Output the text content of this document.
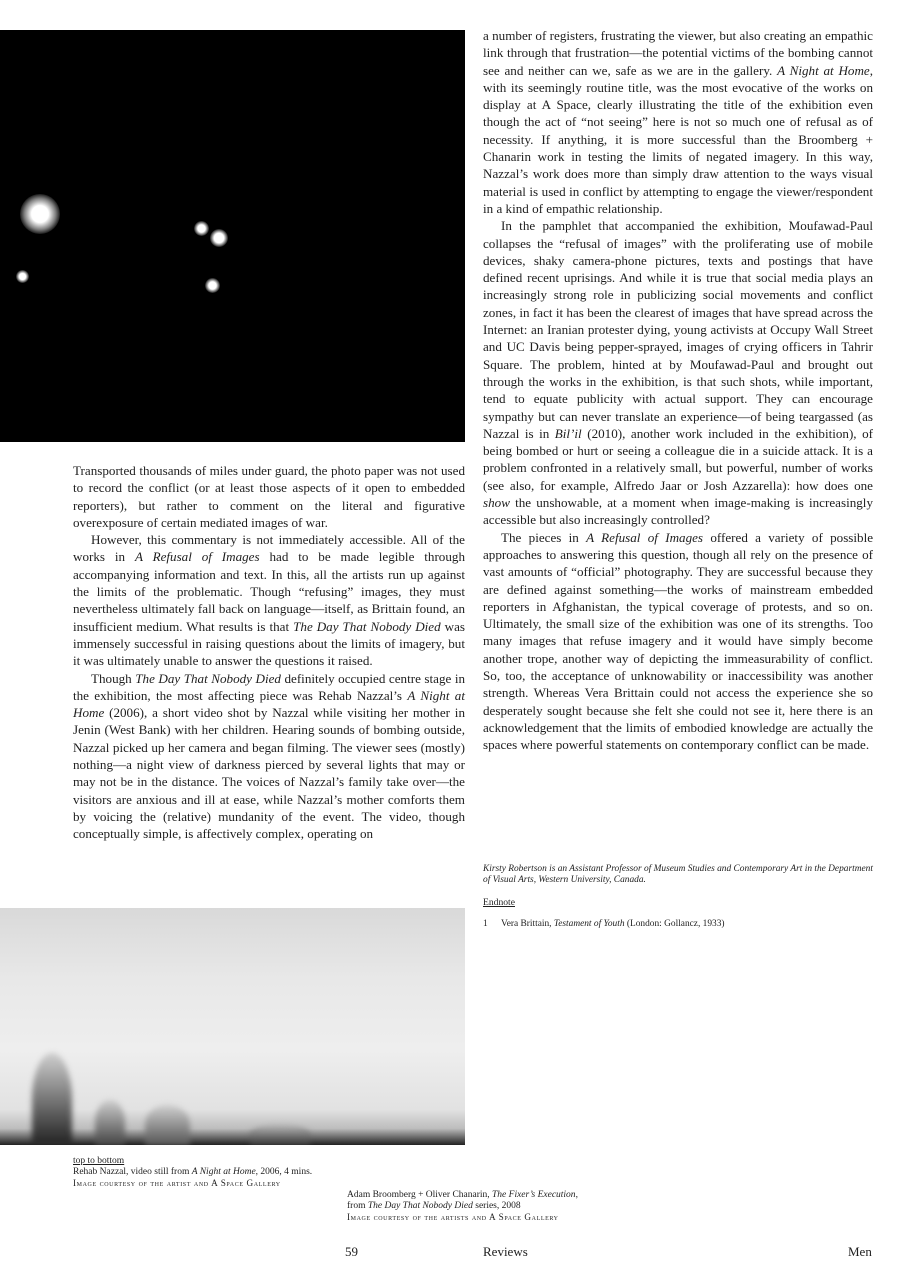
Transported thousands of miles under guard, the photo paper was not used to record the conflict (or at least those aspects of it open to embedded reporters), but rather to comment on the literal and figurative overexposure of certain mediated images of war.

However, this commentary is not immediately accessible. All of the works in A Refusal of Images had to be made legible through accompanying information and text. In this, all the artists run up against the limits of the problematic. Though “refusing” images, they must nevertheless ultimately fall back on language—itself, as Brittain found, an insufficient medium. What results is that The Day That Nobody Died was immensely successful in raising questions about the limits of imagery, but it was ultimately unable to answer the questions it raised.

Though The Day That Nobody Died definitely occupied centre stage in the exhibition, the most affecting piece was Rehab Nazzal’s A Night at Home (2006), a short video shot by Nazzal while visiting her mother in Jenin (West Bank) with her children. Hearing sounds of bombing outside, Nazzal picked up her camera and began filming. The viewer sees (mostly) nothing—a night view of darkness pierced by several lights that may or may not be in the distance. The voices of Nazzal’s family take over—the visitors are anxious and ill at ease, while Nazzal’s mother comforts them by voicing the (relative) mundanity of the event. The video, though conceptually simple, is affectively complex, operating on

a number of registers, frustrating the viewer, but also creating an empathic link through that frustration—the potential victims of the bombing cannot see and neither can we, safe as we are in the gallery. A Night at Home, with its seemingly routine title, was the most evocative of the works on display at A Space, clearly illustrating the title of the exhibition even though the act of “not seeing” here is not so much one of refusal as of necessity. If anything, it is more successful than the Broomberg + Chanarin work in testing the limits of negated imagery. In this way, Nazzal’s work does more than simply draw attention to the ways visual material is used in conflict by attempting to engage the viewer/respondent in a kind of empathic relationship.

In the pamphlet that accompanied the exhibition, Moufawad-Paul collapses the “refusal of images” with the proliferating use of mobile devices, shaky camera-phone pictures, texts and postings that have defined recent uprisings. And while it is true that social media plays an increasingly strong role in publicizing social movements and conflict zones, in fact it has been the clearest of images that have spread across the Internet: an Iranian protester dying, young activists at Occupy Wall Street and UC Davis being pepper-sprayed, images of crying officers in Tahrir Square. The problem, hinted at by Moufawad-Paul and brought out through the works in the exhibition, is that such shots, while important, tend to equate publicity with actual support. They can encourage sympathy but can never translate an experience—of being teargassed (as Nazzal is in Bil’il (2010), another work included in the exhibition), of being bombed or hurt or seeing a colleague die in a suicide attack. It is a problem confronted in a relatively small, but powerful, number of works (see also, for example, Alfredo Jaar or Josh Azzarella): how does one show the unshowable, at a moment when image-making is increasingly accessible but also increasingly controlled?

The pieces in A Refusal of Images offered a variety of possible approaches to answering this question, though all rely on the presence of vast amounts of “official” photography. They are successful because they are defined against something—the works of mainstream embedded reporters in Afghanistan, the typical coverage of protests, and so on. Ultimately, the small size of the exhibition was one of its strengths. Too many images that refuse imagery and it would have simply become another trope, another way of depicting the immeasurability of conflict. So, too, the acceptance of unknowability or inaccessibility was another strength. Whereas Vera Brittain could not access the experience she so desperately sought because she felt she could not see it, here there is an acknowledgement that the limits of embodied knowledge are actually the spaces where powerful statements on contemporary conflict can be made.

Kirsty Robertson is an Assistant Professor of Museum Studies and Contemporary Art in the Department of Visual Arts, Western University, Canada.
Endnote
1 Vera Brittain, Testament of Youth (London: Gollancz, 1933)
top to bottom
Rehab Nazzal, video still from A Night at Home, 2006, 4 mins.
Image courtesy of the artist and A Space Gallery
Adam Broomberg + Oliver Chanarin, The Fixer’s Execution,
from The Day That Nobody Died series, 2008
Image courtesy of the artists and A Space Gallery
59	Reviews	Men
